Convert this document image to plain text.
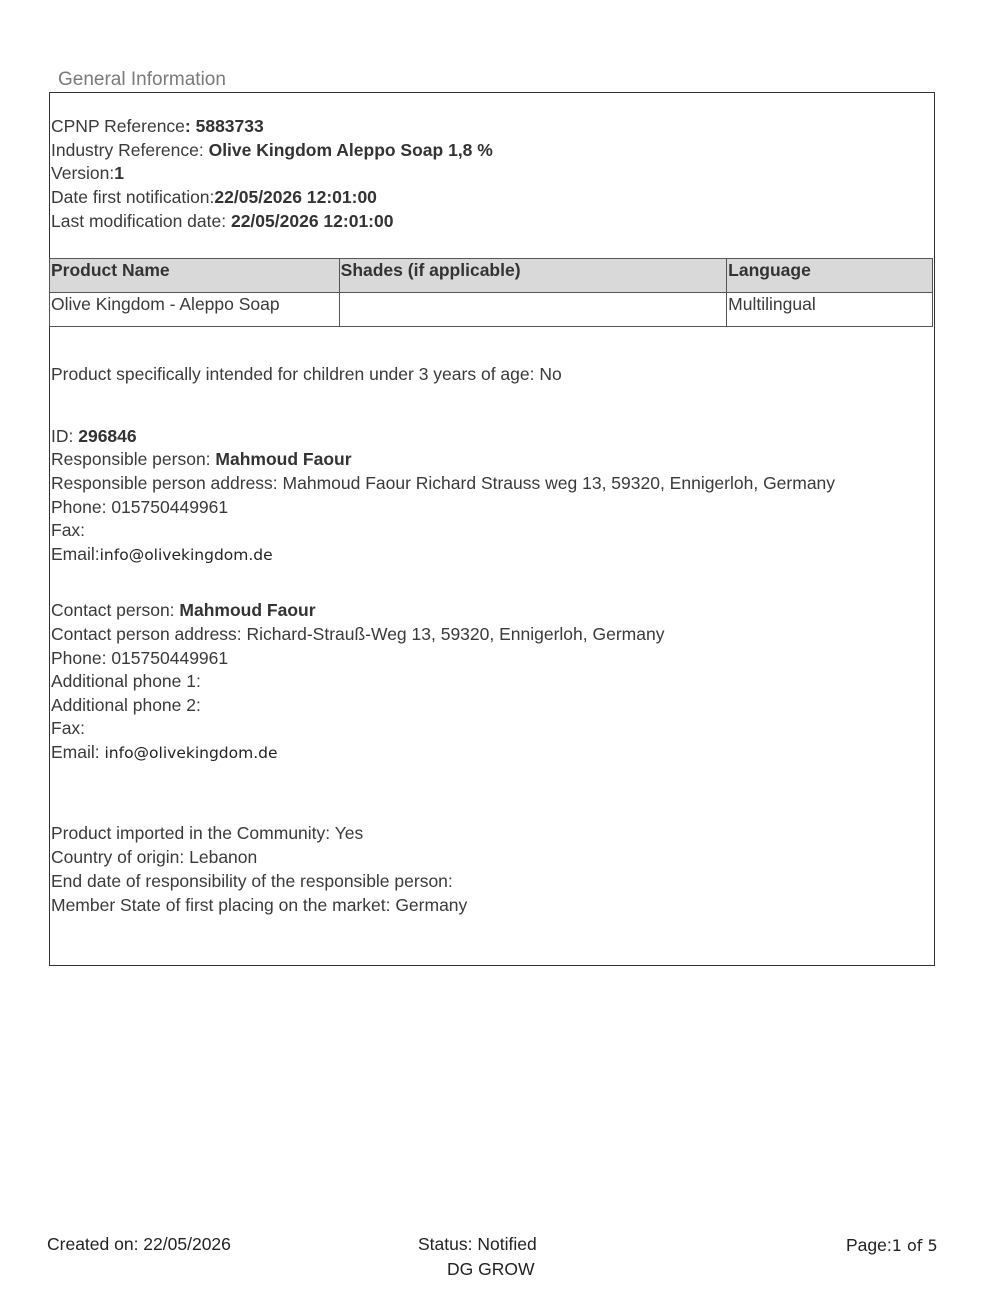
General Information
CPNP Reference: 5883733
Industry Reference: Olive Kingdom Aleppo Soap 1,8 %
Version:1
Date first notification:22/05/2026 12:01:00
Last modification date: 22/05/2026 12:01:00
Product Name	Shades (if applicable)	Language
Olive Kingdom - Aleppo Soap		Multilingual
Product specifically intended for children under 3 years of age: No
ID: 296846
Responsible person: Mahmoud Faour
Responsible person address: Mahmoud Faour Richard Strauss weg 13, 59320, Ennigerloh, Germany
Phone: 015750449961
Fax:
Email:info@olivekingdom.de
Contact person: Mahmoud Faour
Contact person address: Richard-Strauß-Weg 13, 59320, Ennigerloh, Germany
Phone: 015750449961
Additional phone 1:
Additional phone 2:
Fax:
Email: info@olivekingdom.de
Product imported in the Community: Yes
Country of origin: Lebanon
End date of responsibility of the responsible person:
Member State of first placing on the market: Germany
Created on: 22/05/2026	Status: Notified
DG GROW
Page:1 of 5
